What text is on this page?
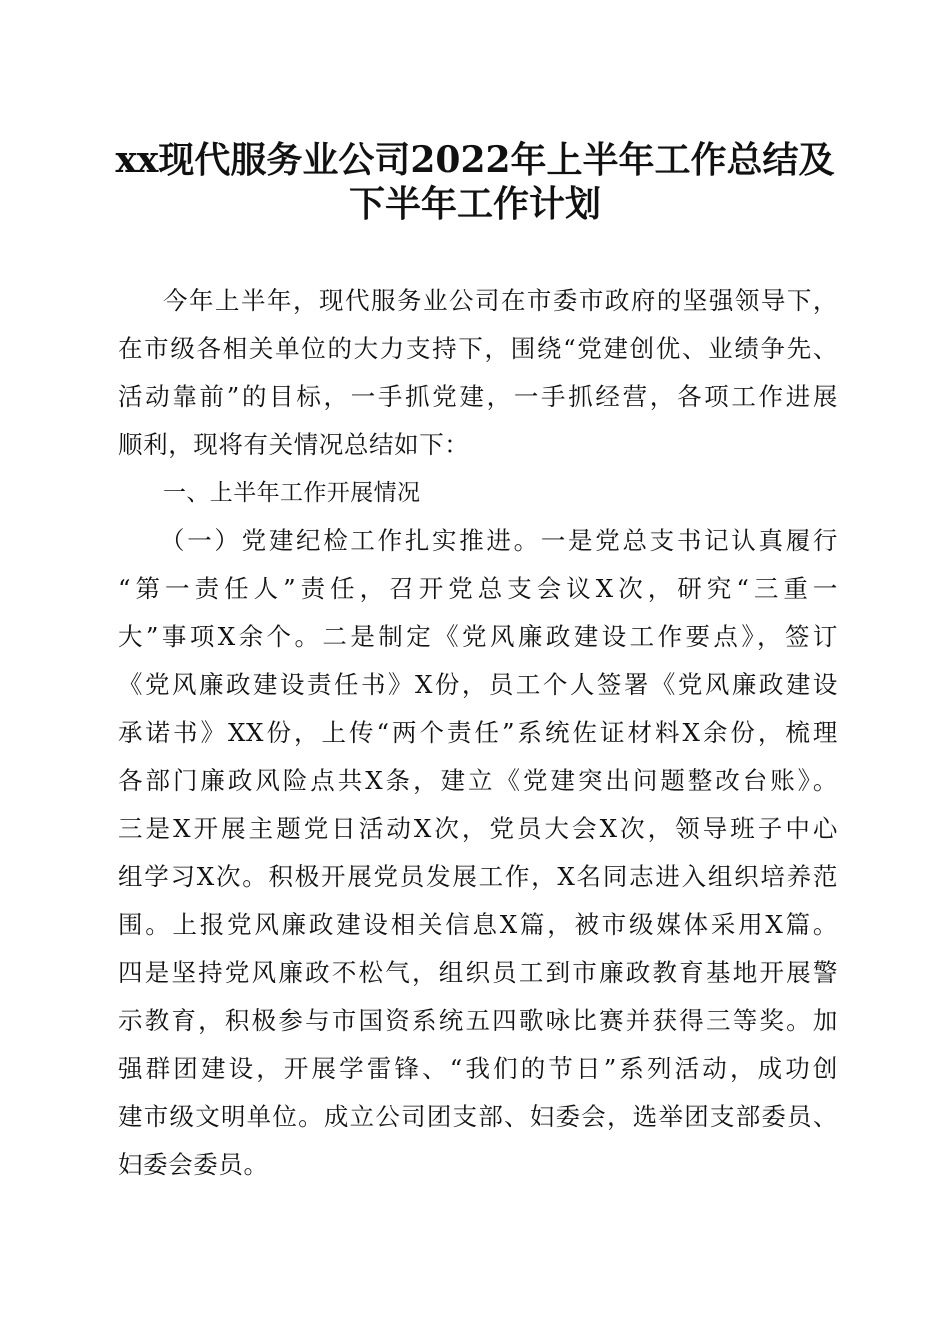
xx现代服务业公司2022年上半年工作总结及
下半年工作计划
今年上半年，现代服务业公司在市委市政府的坚强领导下，
在市级各相关单位的大力支持下，围绕“党建创优、业绩争先、
活动靠前”的目标，一手抓党建，一手抓经营，各项工作进展
顺利，现将有关情况总结如下：
一、上半年工作开展情况
（一）党建纪检工作扎实推进。一是党总支书记认真履行
“第一责任人”责任，召开党总支会议X次，研究“三重一
大”事项X余个。二是制定《党风廉政建设工作要点》，签订
《党风廉政建设责任书》X份，员工个人签署《党风廉政建设
承诺书》XX份，上传“两个责任”系统佐证材料X余份，梳理
各部门廉政风险点共X条，建立《党建突出问题整改台账》。
三是X开展主题党日活动X次，党员大会X次，领导班子中心
组学习X次。积极开展党员发展工作，X名同志进入组织培养范
围。上报党风廉政建设相关信息X篇，被市级媒体采用X篇。
四是坚持党风廉政不松气，组织员工到市廉政教育基地开展警
示教育，积极参与市国资系统五四歌咏比赛并获得三等奖。加
强群团建设，开展学雷锋、“我们的节日”系列活动，成功创
建市级文明单位。成立公司团支部、妇委会，选举团支部委员、
妇委会委员。
